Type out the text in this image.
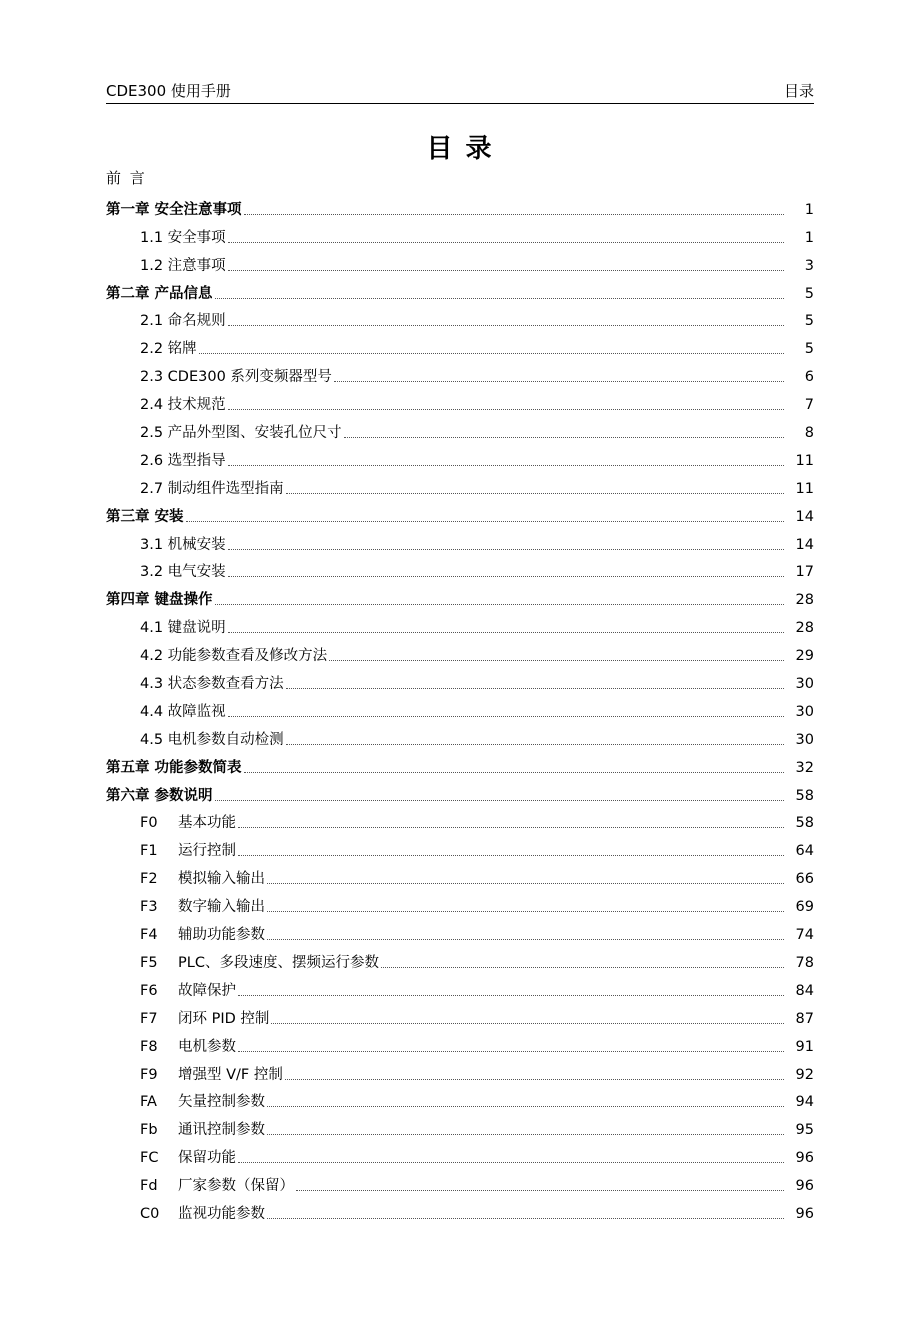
CDE300 使用手册	目录
目 录
前 言
第一章 安全注意事项	1
1.1 安全事项	1
1.2 注意事项	3
第二章 产品信息	5
2.1 命名规则	5
2.2 铭牌	5
2.3 CDE300 系列变频器型号	6
2.4 技术规范	7
2.5 产品外型图、安装孔位尺寸	8
2.6 选型指导	11
2.7 制动组件选型指南	11
第三章 安装	14
3.1 机械安装	14
3.2 电气安装	17
第四章 键盘操作	28
4.1 键盘说明	28
4.2 功能参数查看及修改方法	29
4.3 状态参数查看方法	30
4.4 故障监视	30
4.5 电机参数自动检测	30
第五章 功能参数简表	32
第六章 参数说明	58
F0 基本功能	58
F1 运行控制	64
F2 模拟输入输出	66
F3 数字输入输出	69
F4 辅助功能参数	74
F5 PLC、多段速度、摆频运行参数	78
F6 故障保护	84
F7 闭环 PID 控制	87
F8 电机参数	91
F9 增强型 V/F 控制	92
FA 矢量控制参数	94
Fb 通讯控制参数	95
FC 保留功能	96
Fd 厂家参数（保留）	96
C0 监视功能参数	96
